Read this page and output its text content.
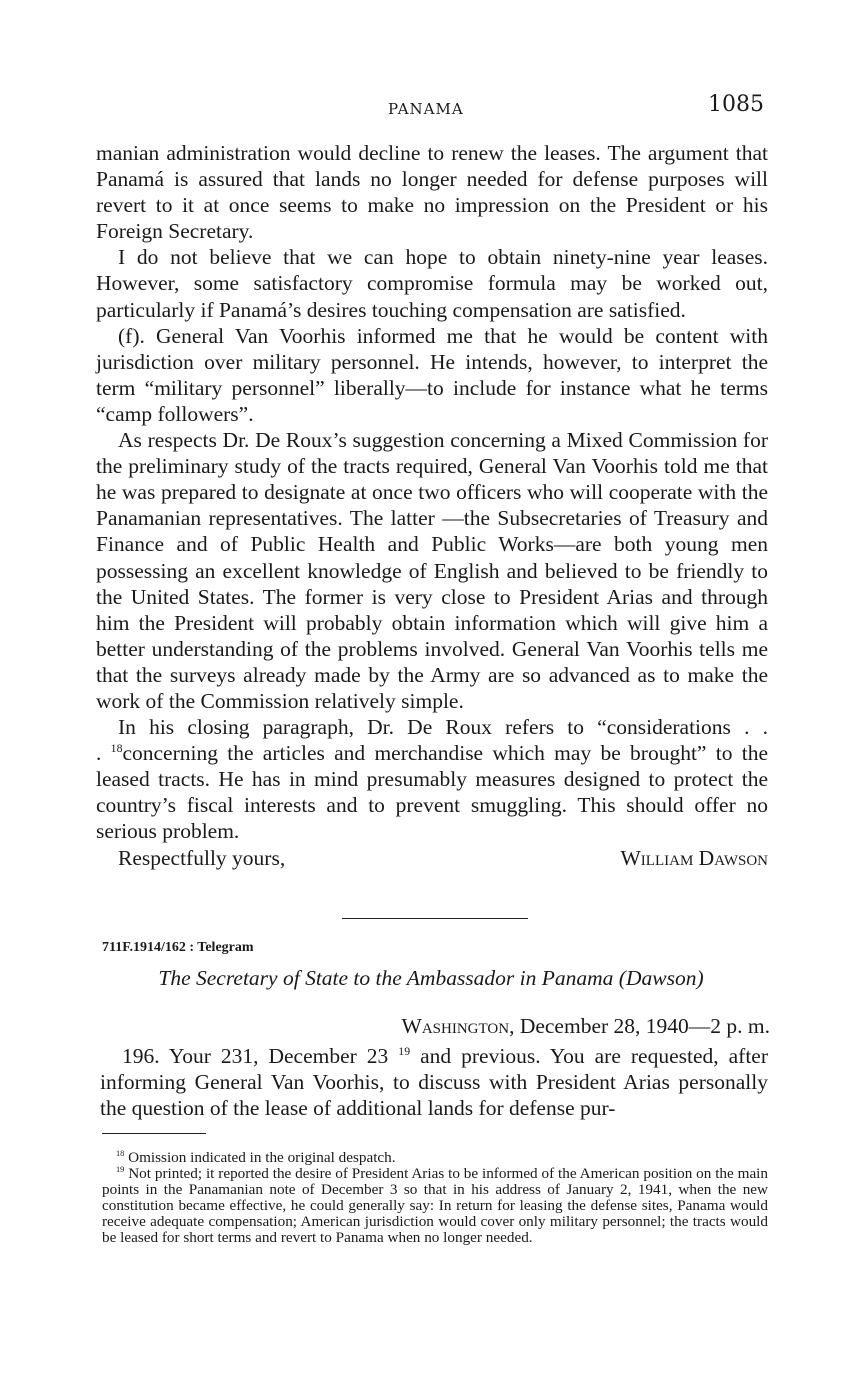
PANAMA	1085

manian administration would decline to renew the leases. The argument that Panamá is assured that lands no longer needed for defense purposes will revert to it at once seems to make no impression on the President or his Foreign Secretary.

I do not believe that we can hope to obtain ninety-nine year leases. However, some satisfactory compromise formula may be worked out, particularly if Panamá’s desires touching compensation are satisfied.

(f). General Van Voorhis informed me that he would be content with jurisdiction over military personnel. He intends, however, to interpret the term “military personnel” liberally—to include for instance what he terms “camp followers”.

As respects Dr. De Roux’s suggestion concerning a Mixed Commission for the preliminary study of the tracts required, General Van Voorhis told me that he was prepared to designate at once two officers who will cooperate with the Panamanian representatives. The latter —the Subsecretaries of Treasury and Finance and of Public Health and Public Works—are both young men possessing an excellent knowledge of English and believed to be friendly to the United States. The former is very close to President Arias and through him the President will probably obtain information which will give him a better understanding of the problems involved. General Van Voorhis tells me that the surveys already made by the Army are so advanced as to make the work of the Commission relatively simple.

In his closing paragraph, Dr. De Roux refers to “considerations . . . $^{18}$concerning the articles and merchandise which may be brought” to the leased tracts. He has in mind presumably measures designed to protect the country’s fiscal interests and to prevent smuggling. This should offer no serious problem.

Respectfully yours,	William Dawson
711F.1914/162 : Telegram
The Secretary of State to the Ambassador in Panama (Dawson)
Washington, December 28, 1940—2 p. m.

196. Your 231, December 23 $^{19}$ and previous. You are requested, after informing General Van Voorhis, to discuss with President Arias personally the question of the lease of additional lands for defense pur-

$^{18}$ Omission indicated in the original despatch.

$^{19}$ Not printed; it reported the desire of President Arias to be informed of the American position on the main points in the Panamanian note of December 3 so that in his address of January 2, 1941, when the new constitution became effective, he could generally say: In return for leasing the defense sites, Panama would receive adequate compensation; American jurisdiction would cover only military personnel; the tracts would be leased for short terms and revert to Panama when no longer needed.
